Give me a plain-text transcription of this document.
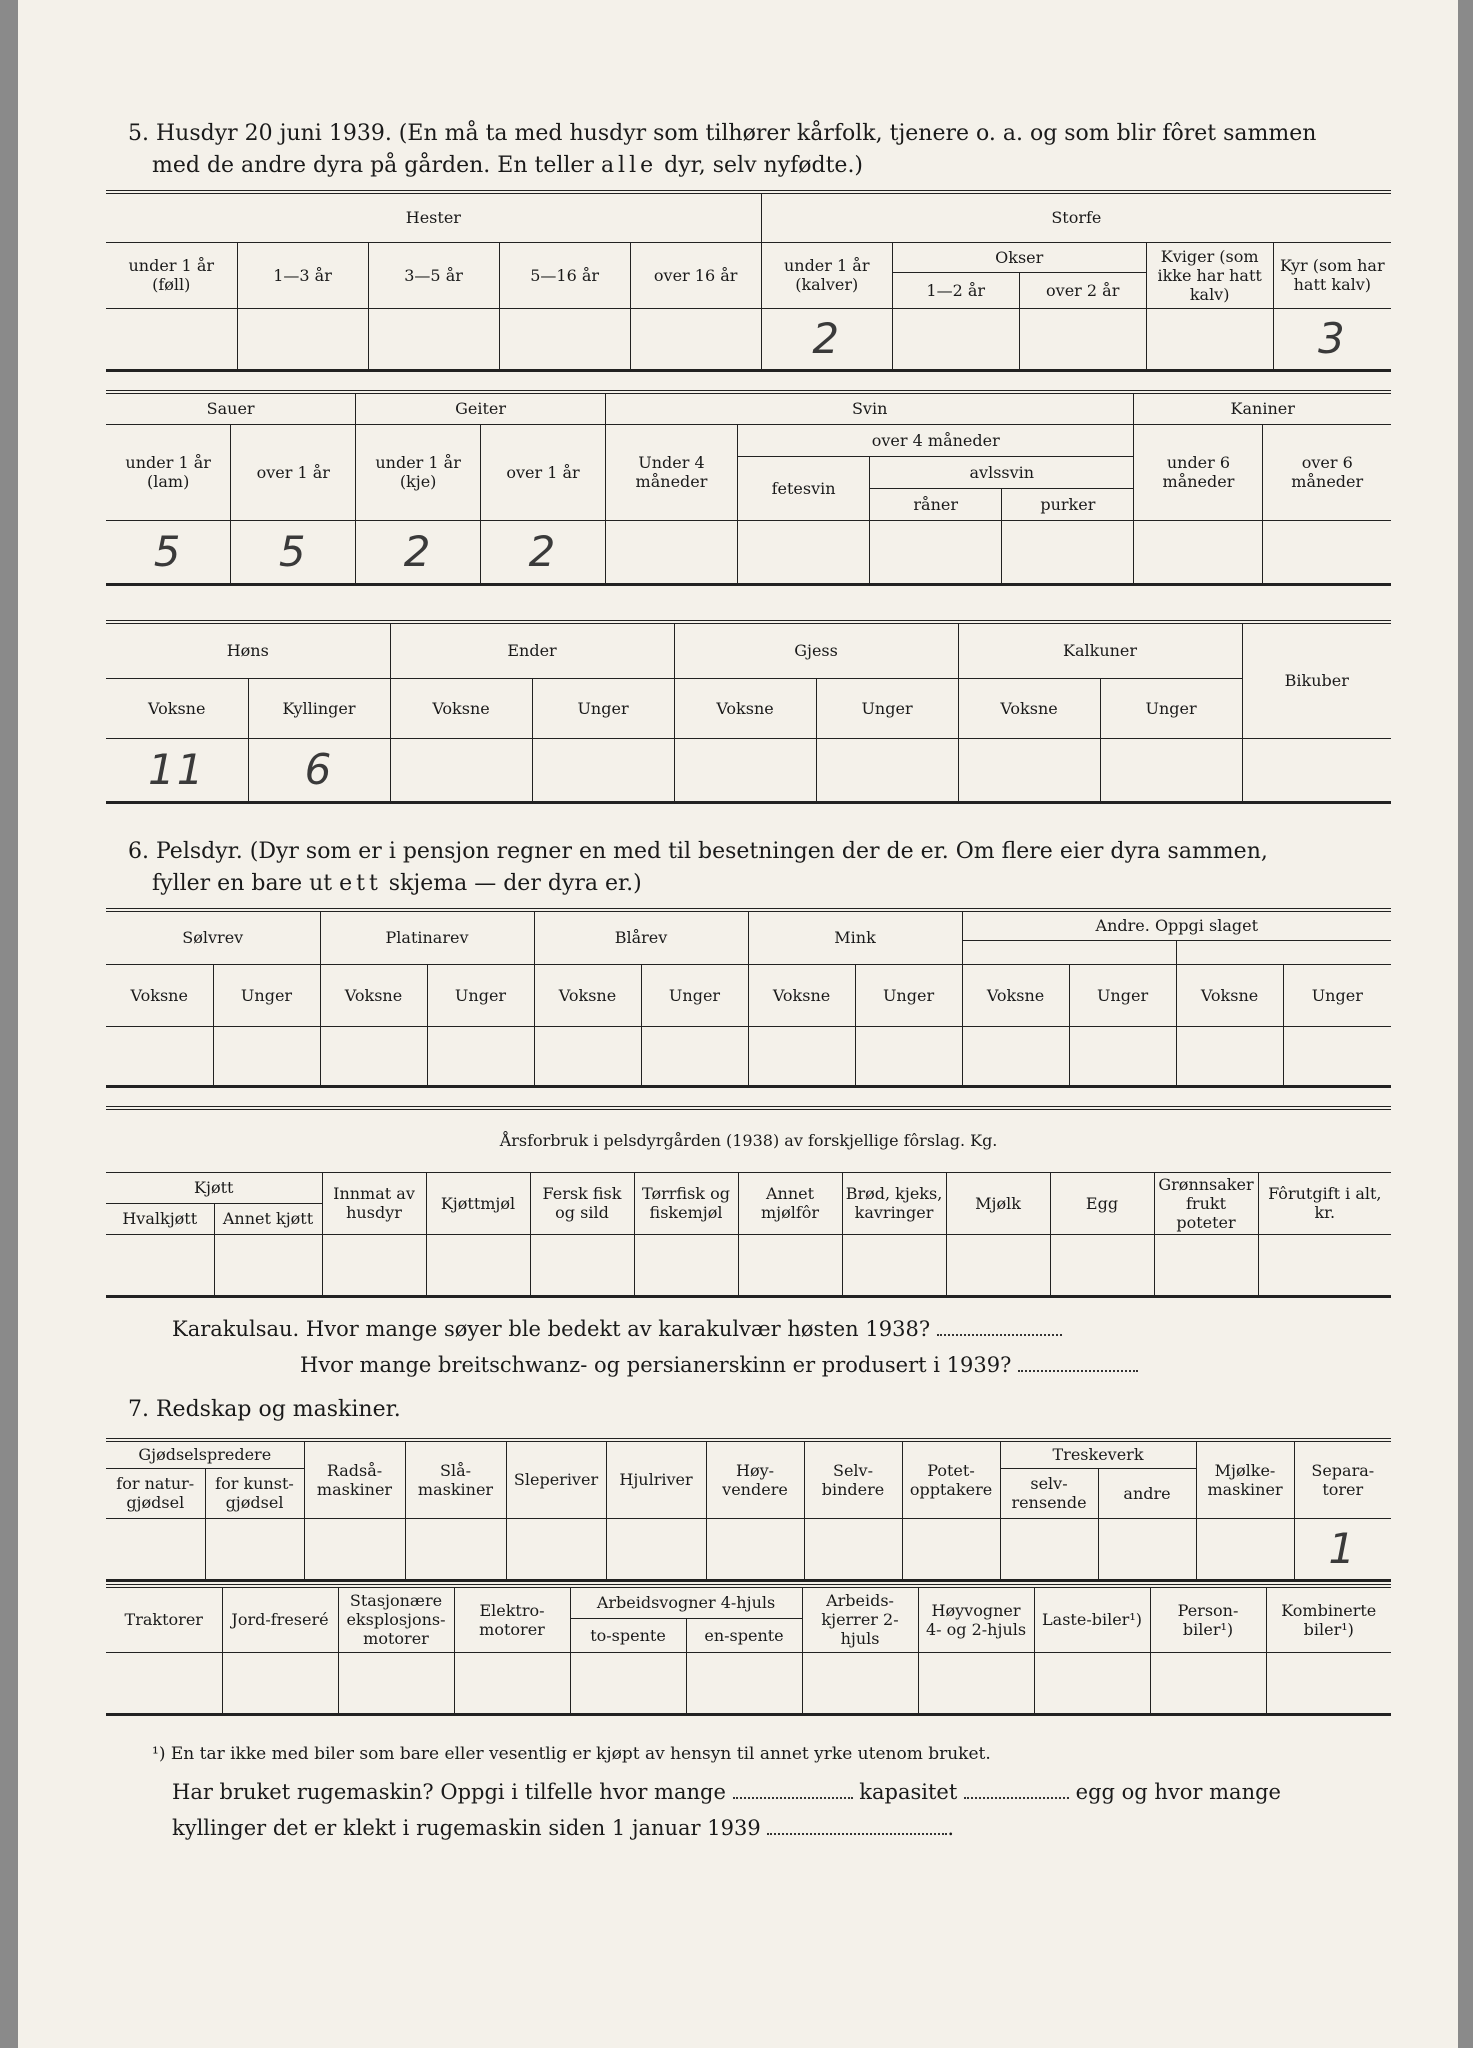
5. Husdyr 20 juni 1939. (En må ta med husdyr som tilhører kårfolk, tjenere o. a. og som blir fôret sammen
med de andre dyra på gården. En teller alle dyr, selv nyfødte.)
Hester					Storfe				
under 1 år (føll)	1—3 år	3—5 år	5—16 år	over 16 år	under 1 år (kalver)	Okser		Kviger (som ikke har hatt kalv)	Kyr (som har hatt kalv)
						1—2 år	over 2 år		
					2				3
Sauer		Geiter		Svin				Kaniner	
under 1 år (lam)	over 1 år	under 1 år (kje)	over 1 år	Under 4 måneder	over 4 måneder			under 6 måneder	over 6 måneder
					fetesvin	avlssvin			
						råner	purker		
5	5	2	2						
Høns		Ender		Gjess		Kalkuner		Bikuber
Voksne	Kyllinger	Voksne	Unger	Voksne	Unger	Voksne	Unger	
11	6							
6. Pelsdyr. (Dyr som er i pensjon regner en med til besetningen der de er. Om flere eier dyra sammen,
fyller en bare ut ett skjema — der dyra er.)
Sølvrev		Platinarev		Blårev		Mink		Andre. Oppgi slaget			

Voksne	Unger	Voksne	Unger	Voksne	Unger	Voksne	Unger	Voksne	Unger	Voksne	Unger

Årsforbruk i pelsdyrgården (1938) av forskjellige fôrslag. Kg.											
Kjøtt		Innmat av husdyr	Kjøttmjøl	Fersk fisk og sild	Tørrfisk og fiskemjøl	Annet mjølfôr	Brød, kjeks, kavringer	Mjølk	Egg	Grønnsaker frukt poteter	Fôrutgift i alt, kr.
Hvalkjøtt	Annet kjøtt										

Karakulsau. Hvor mange søyer ble bedekt av karakulvær høsten 1938?
Hvor mange breitschwanz- og persianerskinn er produsert i 1939?
7. Redskap og maskiner.
Gjødselspredere		Radså-maskiner	Slå-maskiner	Sleperiver	Hjulriver	Høy-vendere	Selv-bindere	Potet-opptakere	Treskeverk		Mjølke-maskiner	Separa-torer
for natur-gjødsel	for kunst-gjødsel								selv-rensende	andre		
												1
Traktorer	Jord-freseré	Stasjonære eksplosjons-motorer	Elektro-motorer	Arbeidsvogner 4-hjuls		Arbeids-kjerrer 2-hjuls	Høyvogner 4- og 2-hjuls	Laste-biler¹)	Person-biler¹)	Kombinerte biler¹)
				to-spente	en-spente					

¹) En tar ikke med biler som bare eller vesentlig er kjøpt av hensyn til annet yrke utenom bruket.
Har bruket rugemaskin? Oppgi i tilfelle hvor mange	kapasitet	egg og hvor mange
kyllinger det er klekt i rugemaskin siden 1 januar 1939	.
